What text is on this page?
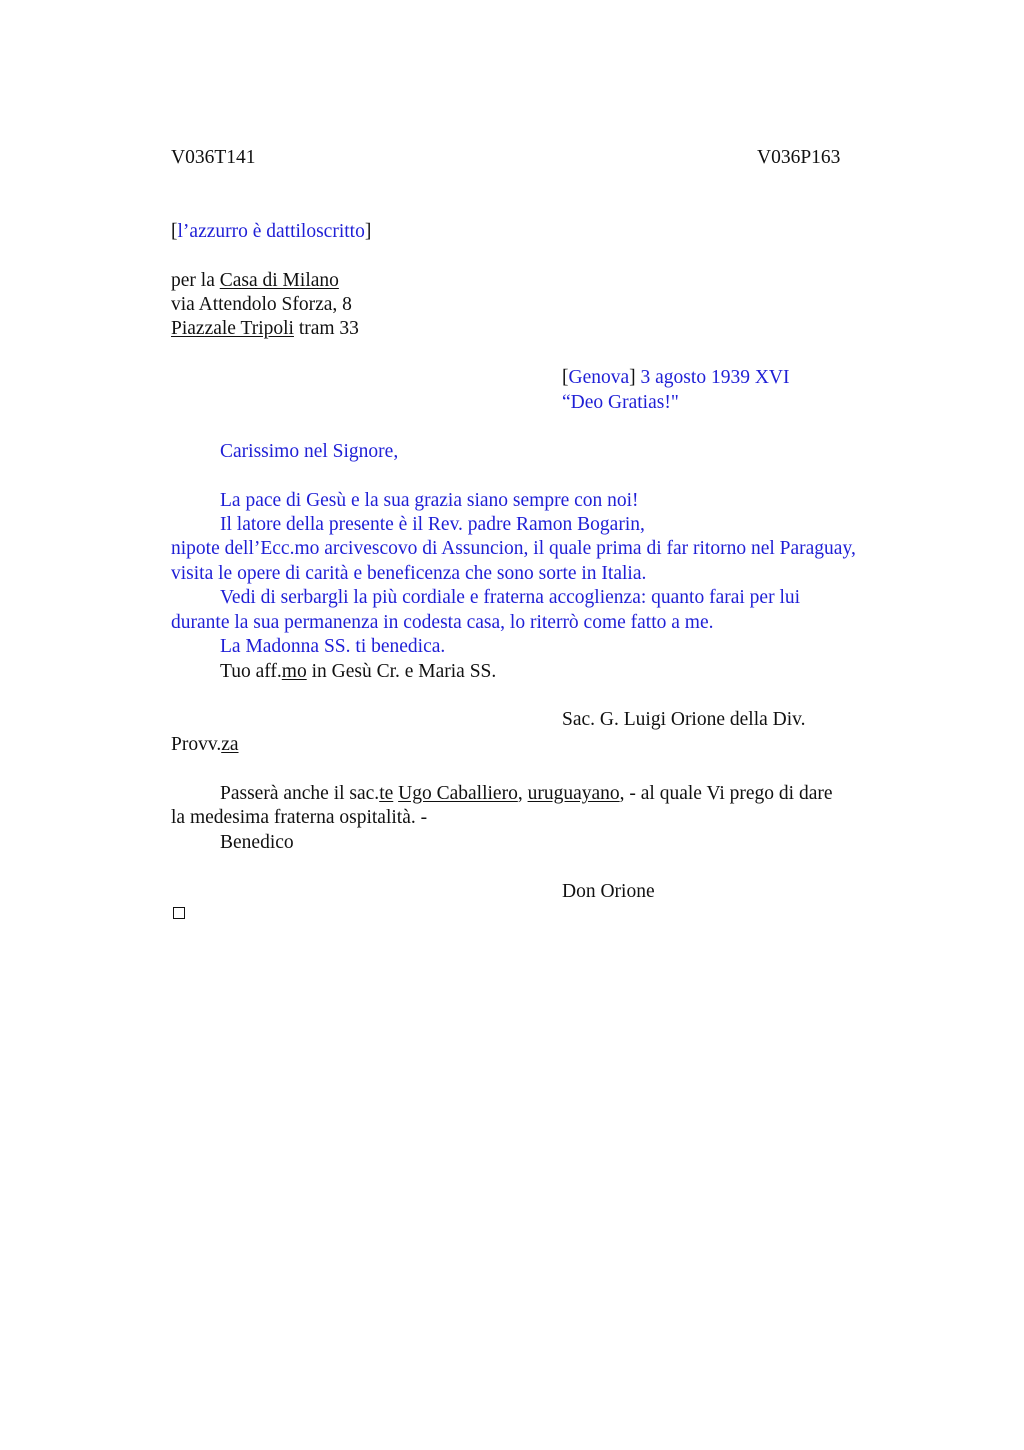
V036T141	V036P163
[l’azzurro è dattiloscritto]
per la Casa di Milano
via Attendolo Sforza, 8
Piazzale Tripoli tram 33
[Genova] 3 agosto 1939 XVI
“Deo Gratias!"
Carissimo nel Signore,
La pace di Gesù e la sua grazia siano sempre con noi!
Il latore della presente è il Rev. padre Ramon Bogarin,
nipote dell’Ecc.mo arcivescovo di Assuncion, il quale prima di far ritorno nel Paraguay,
visita le opere di carità e beneficenza che sono sorte in Italia.
Vedi di serbargli la più cordiale e fraterna accoglienza: quanto farai per lui
durante la sua permanenza in codesta casa, lo riterrò come fatto a me.
La Madonna SS. ti benedica.
Tuo aff.mo in Gesù Cr. e Maria SS.
Sac. G. Luigi Orione della Div.
Provv.za
Passerà anche il sac.te Ugo Caballiero, uruguayano, - al quale Vi prego di dare
la medesima fraterna ospitalità. -
Benedico
Don Orione
